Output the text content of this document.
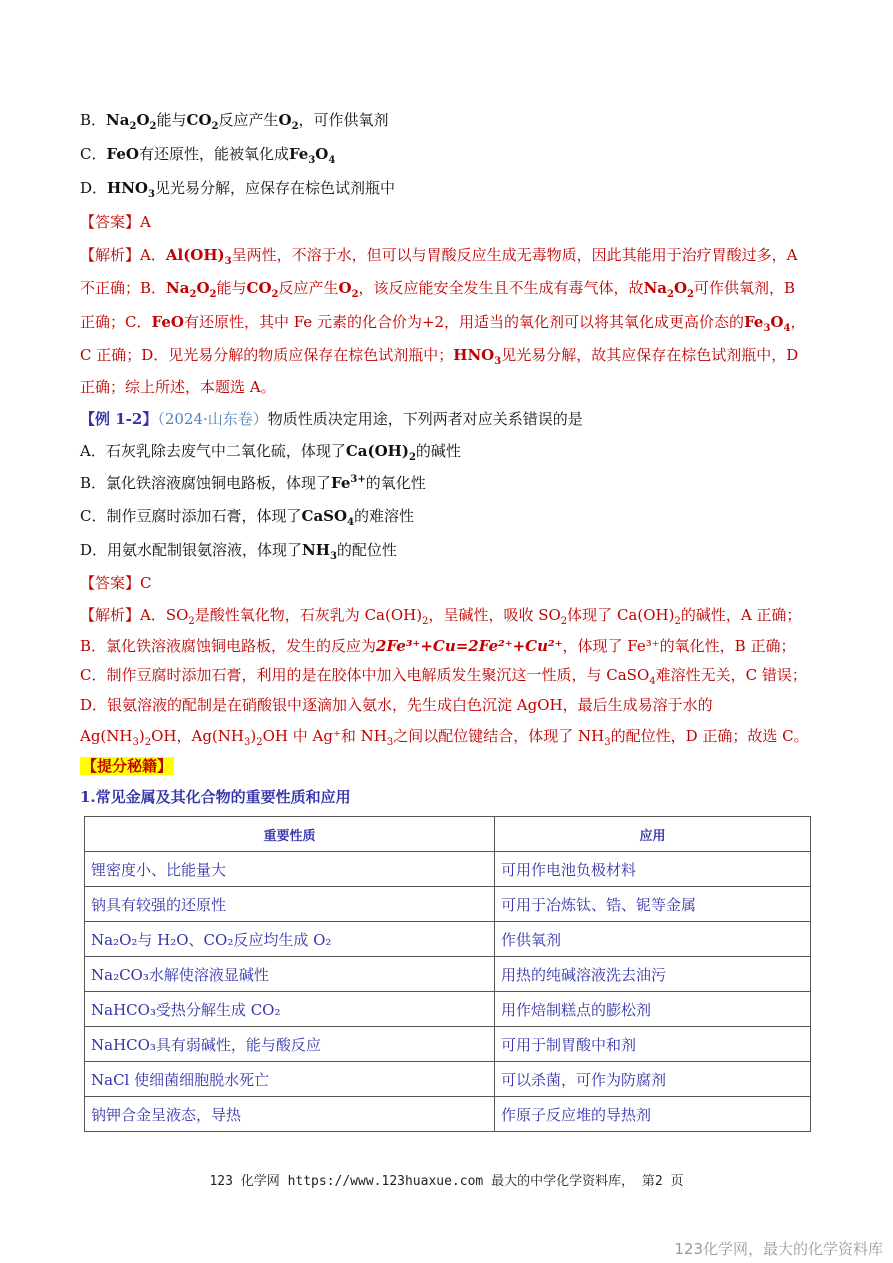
B．$Na_2O_2$能与$CO_2$反应产生$O_2$，可作供氧剂
C．FeO有还原性，能被氧化成$Fe_3O_4$
D．$HNO_3$见光易分解，应保存在棕色试剂瓶中
【答案】A
【解析】A．$Al(OH)_3$呈两性，不溶于水，但可以与胃酸反应生成无毒物质，因此其能用于治疗胃酸过多，A
不正确；B．$Na_2O_2$能与$CO_2$反应产生$O_2$，该反应能安全发生且不生成有毒气体，故$Na_2O_2$可作供氧剂，B
正确；C．FeO有还原性，其中 Fe 元素的化合价为+2，用适当的氧化剂可以将其氧化成更高价态的$Fe_3O_4$，
C 正确；D．见光易分解的物质应保存在棕色试剂瓶中；$HNO_3$见光易分解，故其应保存在棕色试剂瓶中，D
正确；综上所述，本题选 A。
【例 1-2】（2024·山东卷）物质性质决定用途，下列两者对应关系错误的是
A．石灰乳除去废气中二氧化硫，体现了$Ca(OH)_2$的碱性
B．氯化铁溶液腐蚀铜电路板，体现了$Fe^{3+}$的氧化性
C．制作豆腐时添加石膏，体现了CaSO$_4$的难溶性
D．用氨水配制银氨溶液，体现了$NH_3$的配位性
【答案】C
【解析】A．$SO_2$是酸性氧化物，石灰乳为 $Ca(OH)_2$，呈碱性，吸收 $SO_2$体现了 $Ca(OH)_2$的碱性，A 正确；
B．氯化铁溶液腐蚀铜电路板，发生的反应为2Fe³⁺+Cu=2Fe²⁺+Cu²⁺，体现了 Fe³⁺的氧化性，B 正确；
C．制作豆腐时添加石膏，利用的是在胶体中加入电解质发生聚沉这一性质，与 CaSO$_4$难溶性无关，C 错误；
D．银氨溶液的配制是在硝酸银中逐滴加入氨水，先生成白色沉淀 AgOH，最后生成易溶于水的
$Ag(NH_3)_2OH$，$Ag(NH_3)_2OH$ 中 Ag⁺和 $NH_3$之间以配位键结合，体现了 $NH_3$的配位性，D 正确；故选 C。
【提分秘籍】
1.常见金属及其化合物的重要性质和应用
重要性质	应用
锂密度小、比能量大	可用作电池负极材料
钠具有较强的还原性	可用于冶炼钛、锆、铌等金属
Na₂O₂与 H₂O、CO₂反应均生成 O₂	作供氧剂
Na₂CO₃水解使溶液显碱性	用热的纯碱溶液洗去油污
NaHCO₃受热分解生成 CO₂	用作焙制糕点的膨松剂
NaHCO₃具有弱碱性，能与酸反应	可用于制胃酸中和剂
NaCl 使细菌细胞脱水死亡	可以杀菌，可作为防腐剂
钠钾合金呈液态，导热	作原子反应堆的导热剂
123 化学网 https://www.123huaxue.com 最大的中学化学资料库， 第2 页
123化学网，最大的化学资料库
